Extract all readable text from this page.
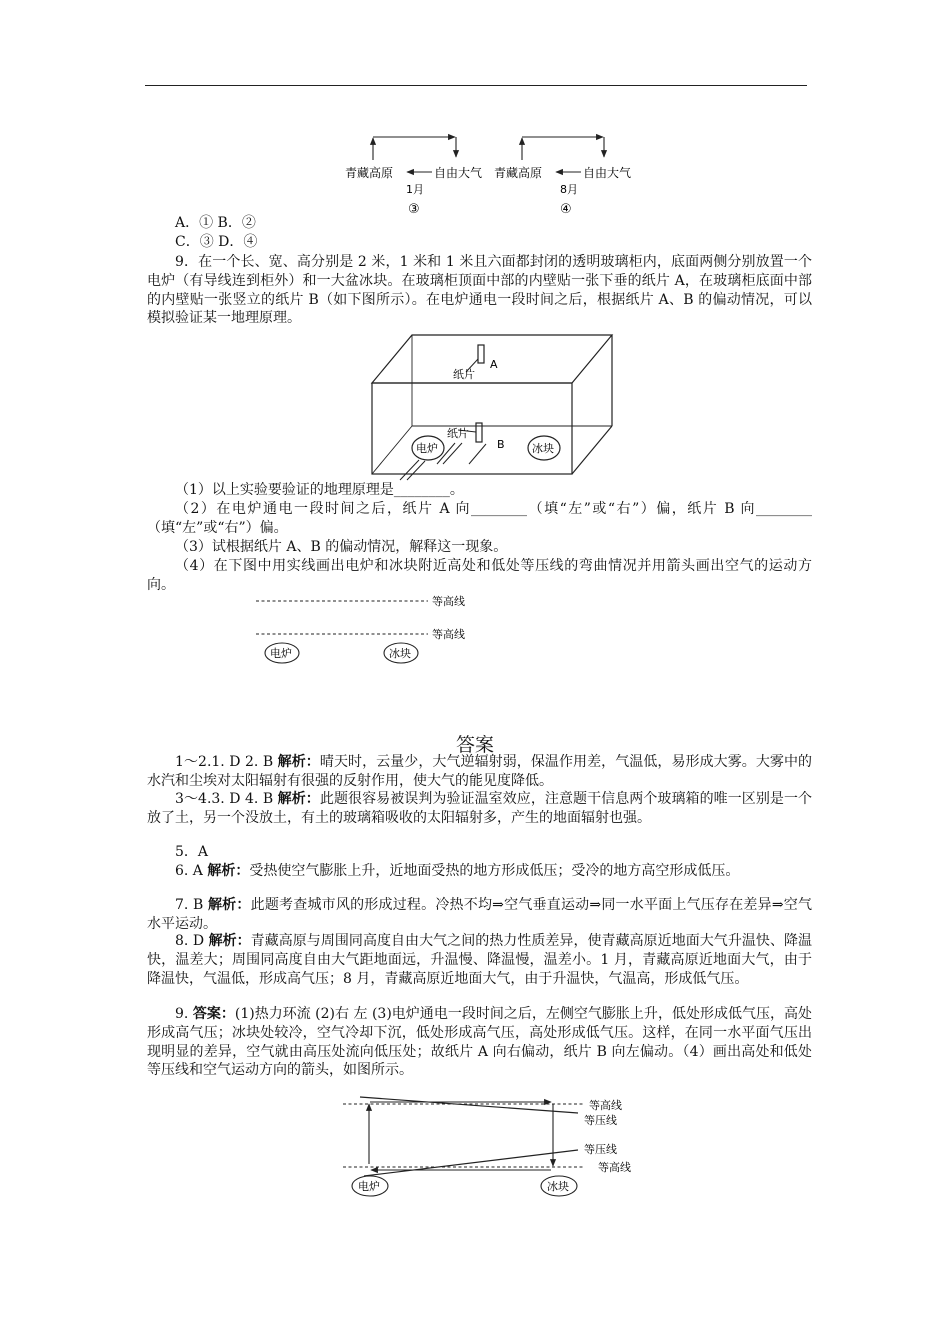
青藏高原	自由大气
1月
③
青藏高原	自由大气
8月
④
A．① B．②
C．③ D．④
9．在一个长、宽、高分别是 2 米，1 米和 1 米且六面都封闭的透明玻璃柜内，底面两侧分别放置一个电炉（有导线连到柜外）和一大盆冰块。在玻璃柜顶面中部的内壁贴一张下垂的纸片 A，在玻璃柜底面中部的内壁贴一张竖立的纸片 B（如下图所示）。在电炉通电一段时间之后，根据纸片 A、B 的偏动情况，可以模拟验证某一地理原理。
纸片
A
纸片
B
电炉	冰块
（1）以上实验要验证的地理原理是________。
（2）在电炉通电一段时间之后，纸片 A 向________（填“左”或“右”）偏，纸片 B 向________（填“左”或“右”）偏。
（3）试根据纸片 A、B 的偏动情况，解释这一现象。
（4）在下图中用实线画出电炉和冰块附近高处和低处等压线的弯曲情况并用箭头画出空气的运动方向。
等高线
等高线
电炉	冰块
答案
1～2.1. D 2. B 解析：晴天时，云量少，大气逆辐射弱，保温作用差，气温低，易形成大雾。大雾中的水汽和尘埃对太阳辐射有很强的反射作用，使大气的能见度降低。
3～4.3. D 4. B 解析：此题很容易被误判为验证温室效应，注意题干信息两个玻璃箱的唯一区别是一个放了土，另一个没放土，有土的玻璃箱吸收的太阳辐射多，产生的地面辐射也强。
5．A
6. A 解析：受热使空气膨胀上升，近地面受热的地方形成低压；受冷的地方高空形成低压。
7. B 解析：此题考查城市风的形成过程。冷热不均⇒空气垂直运动⇒同一水平面上气压存在差异⇒空气水平运动。
8. D 解析：青藏高原与周围同高度自由大气之间的热力性质差异，使青藏高原近地面大气升温快、降温快，温差大；周围同高度自由大气距地面远，升温慢、降温慢，温差小。1 月，青藏高原近地面大气，由于降温快，气温低，形成高气压；8 月，青藏高原近地面大气，由于升温快，气温高，形成低气压。
9. 答案：(1)热力环流 (2)右 左 (3)电炉通电一段时间之后，左侧空气膨胀上升，低处形成低气压，高处形成高气压；冰块处较冷，空气冷却下沉，低处形成高气压，高处形成低气压。这样，在同一水平面气压出现明显的差异，空气就由高压处流向低压处；故纸片 A 向右偏动，纸片 B 向左偏动。（4）画出高处和低处等压线和空气运动方向的箭头，如图所示。
等高线
等压线
等压线
等高线
电炉	冰块
